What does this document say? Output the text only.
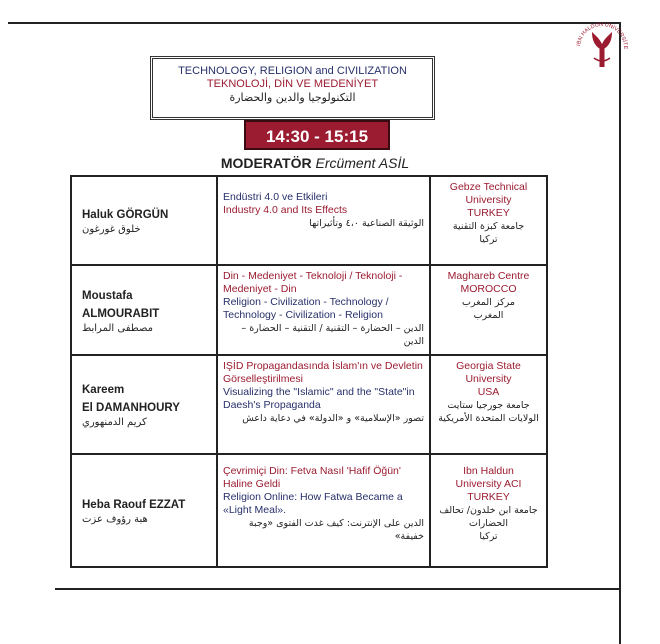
IBN HALDUN ÜNİVERSİTE
TECHNOLOGY, RELIGION and CIVILIZATION
TEKNOLOJİ, DİN VE MEDENİYET
التكنولوجيا والدين والحضارة
14:30 - 15:15
MODERATÖR Ercüment ASİL
Haluk GÖRGÜN
خلوق غورغون
Endüstri 4.0 ve Etkileri
Industry 4.0 and Its Effects
الوثيقة الصناعية ٤،٠ وتأثيراتها
Gebze Technical
University
TURKEY
جامعة كبزة التقنية
تركيا
Moustafa
ALMOURABIT
مصطفى المرابط
Din - Medeniyet - Teknoloji / Teknoloji - Medeniyet - Din
Religion - Civilization - Technology / Technology - Civilization - Religion
الدين – الحضارة – التقنية / التقنية – الحضارة – الدين
Maghareb Centre
MOROCCO
مركز المغرب
المغرب
Kareem
El DAMANHOURY
كريم الدمنهوري
IŞİD Propagandasında İslam'ın ve Devletin Görselleştirilmesi
Visualizing the "Islamic" and the "State"in Daesh's Propaganda
تصور «الإسلامية» و «الدولة» في دعاية داعش
Georgia State
University
USA
جامعة جورجيا ستايت
الولايات المتحدة الأمريكية
Heba Raouf EZZAT
هبة رؤوف عزت
Çevrimiçi Din: Fetva Nasıl 'Hafif Öğün' Haline Geldi
Religion Online: How Fatwa Became a «Light Meal».
الدين على الإنترنت: كيف غدت الفتوى «وجبة خفيفة»
Ibn Haldun
University ACI
TURKEY
جامعة ابن خلدون/ تحالف
الحضارات
تركيا
